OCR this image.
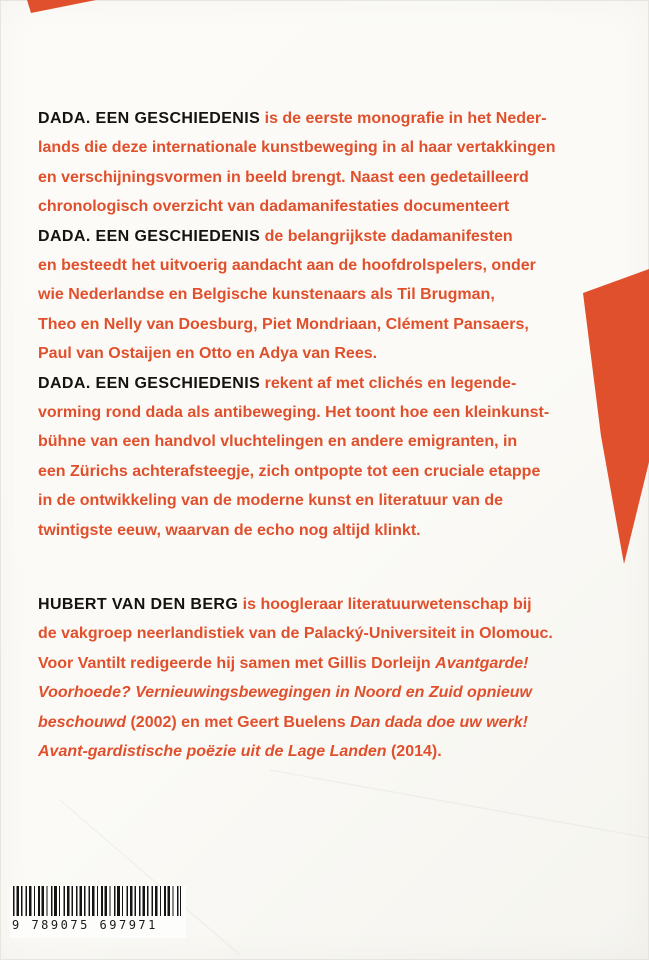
DADA. EEN GESCHIEDENIS is de eerste monografie in het Neder-
lands die deze internationale kunstbeweging in al haar vertakkingen
en verschijningsvormen in beeld brengt. Naast een gedetailleerd
chronologisch overzicht van dadamanifestaties documenteert
DADA. EEN GESCHIEDENIS de belangrijkste dadamanifesten
en besteedt het uitvoerig aandacht aan de hoofdrolspelers, onder
wie Nederlandse en Belgische kunstenaars als Til Brugman,
Theo en Nelly van Doesburg, Piet Mondriaan, Clément Pansaers,
Paul van Ostaijen en Otto en Adya van Rees.
DADA. EEN GESCHIEDENIS rekent af met clichés en legende-
vorming rond dada als antibeweging. Het toont hoe een kleinkunst-
bühne van een handvol vluchtelingen en andere emigranten, in
een Zürichs achterafsteegje, zich ontpopte tot een cruciale etappe
in de ontwikkeling van de moderne kunst en literatuur van de
twintigste eeuw, waarvan de echo nog altijd klinkt.
HUBERT VAN DEN BERG is hoogleraar literatuurwetenschap bij
de vakgroep neerlandistiek van de Palacký-Universiteit in Olomouc.
Voor Vantilt redigeerde hij samen met Gillis Dorleijn Avantgarde!
Voorhoede? Vernieuwingsbewegingen in Noord en Zuid opnieuw
beschouwd (2002) en met Geert Buelens Dan dada doe uw werk!
Avant-gardistische poëzie uit de Lage Landen (2014).
9 789075 697971
